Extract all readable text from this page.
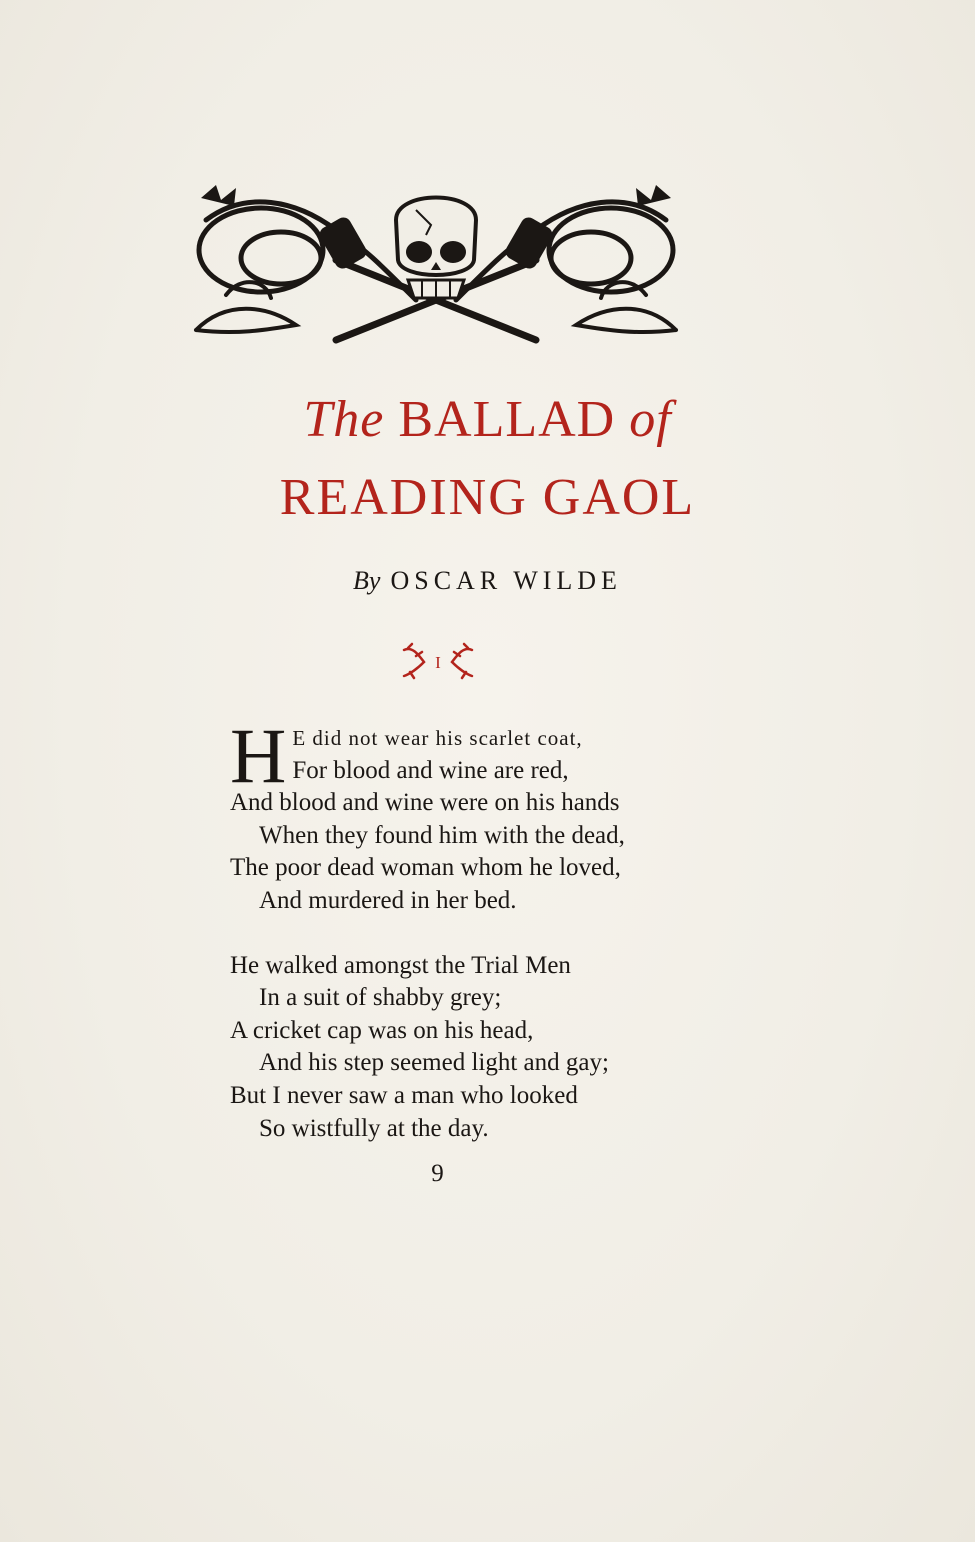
The BALLAD of
READING GAOL
By OSCAR WILDE
I
H E did not wear his scarlet coat,
For blood and wine are red,
And blood and wine were on his hands
When they found him with the dead,
The poor dead woman whom he loved,
And murdered in her bed.
He walked amongst the Trial Men
In a suit of shabby grey;
A cricket cap was on his head,
And his step seemed light and gay;
But I never saw a man who looked
So wistfully at the day.
9
